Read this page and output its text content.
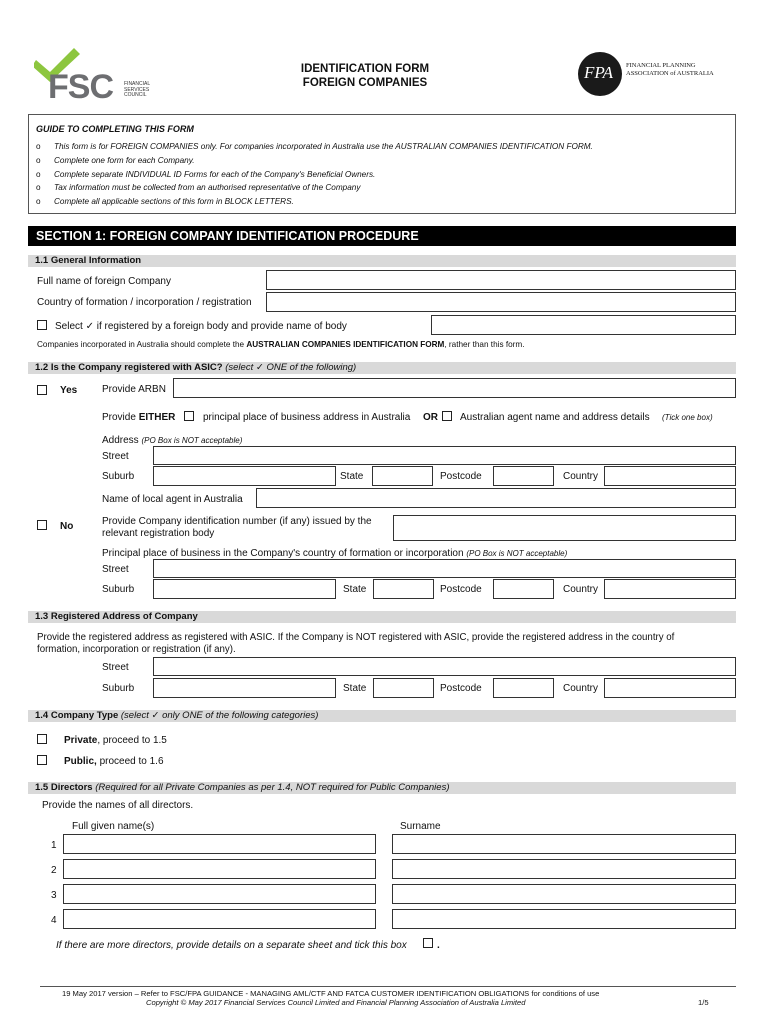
FSC FINANCIAL
SERVICES
COUNCIL
IDENTIFICATION FORM
FOREIGN COMPANIES
FPA FINANCIAL PLANNING
ASSOCIATION of AUSTRALIA
GUIDE TO COMPLETING THIS FORM
o This form is for FOREIGN COMPANIES only. For companies incorporated in Australia use the AUSTRALIAN COMPANIES IDENTIFICATION FORM.
o Complete one form for each Company.
o Complete separate INDIVIDUAL ID Forms for each of the Company's Beneficial Owners.
o Tax information must be collected from an authorised representative of the Company
o Complete all applicable sections of this form in BLOCK LETTERS.
SECTION 1: FOREIGN COMPANY IDENTIFICATION PROCEDURE
1.1 General Information
Full name of foreign Company
Country of formation / incorporation / registration
Select ✓ if registered by a foreign body and provide name of body
Companies incorporated in Australia should complete the AUSTRALIAN COMPANIES IDENTIFICATION FORM, rather than this form.
1.2 Is the Company registered with ASIC? (select ✓ ONE of the following)
Yes Provide ARBN
Provide EITHER	principal place of business address in Australia OR Australian agent name and address details (Tick one box)
Address (PO Box is NOT acceptable)
Street
Suburb	State	Postcode	Country
Name of local agent in Australia
No	Provide Company identification number (if any) issued by the
relevant registration body
Principal place of business in the Company's country of formation or incorporation (PO Box is NOT acceptable)
Street
Suburb	State	Postcode	Country
1.3 Registered Address of Company
Provide the registered address as registered with ASIC. If the Company is NOT registered with ASIC, provide the registered address in the country of
formation, incorporation or registration (if any).
Street
Suburb	State	Postcode	Country
1.4 Company Type (select ✓ only ONE of the following categories)
Private, proceed to 1.5
Public, proceed to 1.6
1.5 Directors (Required for all Private Companies as per 1.4, NOT required for Public Companies)
Provide the names of all directors.
Full given name(s)	Surname
1
2
3
4
If there are more directors, provide details on a separate sheet and tick this box	.
19 May 2017 version – Refer to FSC/FPA GUIDANCE - MANAGING AML/CTF AND FATCA CUSTOMER IDENTIFICATION OBLIGATIONS for conditions of use
Copyright © May 2017 Financial Services Council Limited and Financial Planning Association of Australia Limited	1/5
